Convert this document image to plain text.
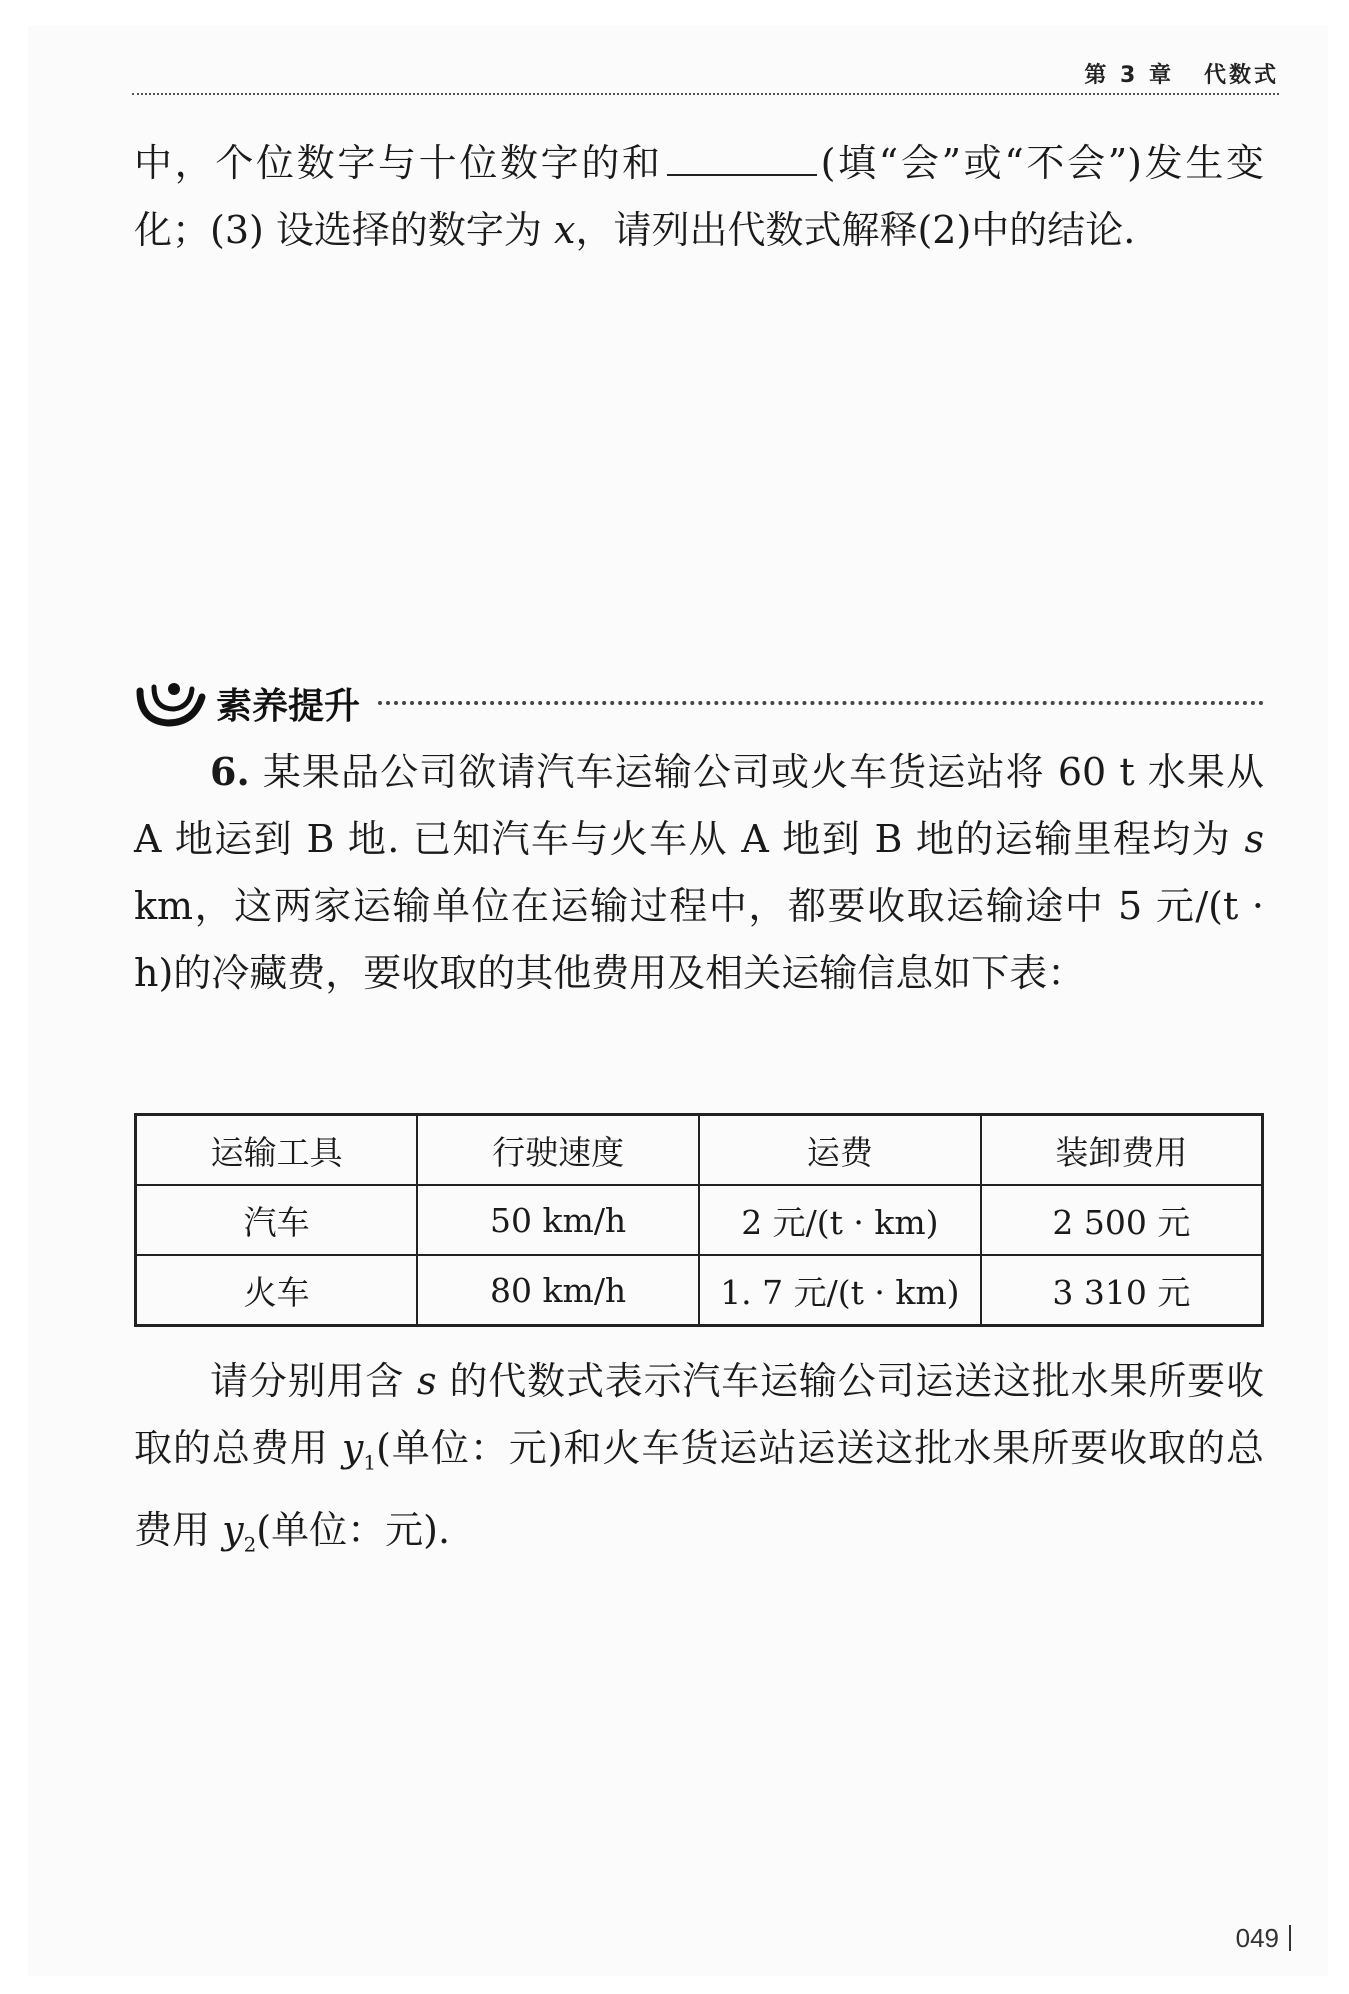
第 3 章 代数式

中，个位数字与十位数字的和	(填“会”或“不会”)发生变化； (3) 设选择的数字为 x，请列出代数式解释(2)中的结论.

素养提升

6. 某果品公司欲请汽车运输公司或火车货运站将 60 t 水果从 A 地运到 B 地. 已知汽车与火车从 A 地到 B 地的运输里程均为 s km，这两家运输单位在运输过程中，都要收取运输途中 5 元/(t · h)的冷藏费，要收取的其他费用及相关运输信息如下表：

运输工具	行驶速度	运费	装卸费用
汽车	50 km/h	2 元/(t · km)	2 500 元
火车	80 km/h	1. 7 元/(t · km)	3 310 元

请分别用含 s 的代数式表示汽车运输公司运送这批水果所要收取的总费用 $y_1$(单位：元)和火车货运站运送这批水果所要收取的总费用 $y_2$(单位：元).

049
